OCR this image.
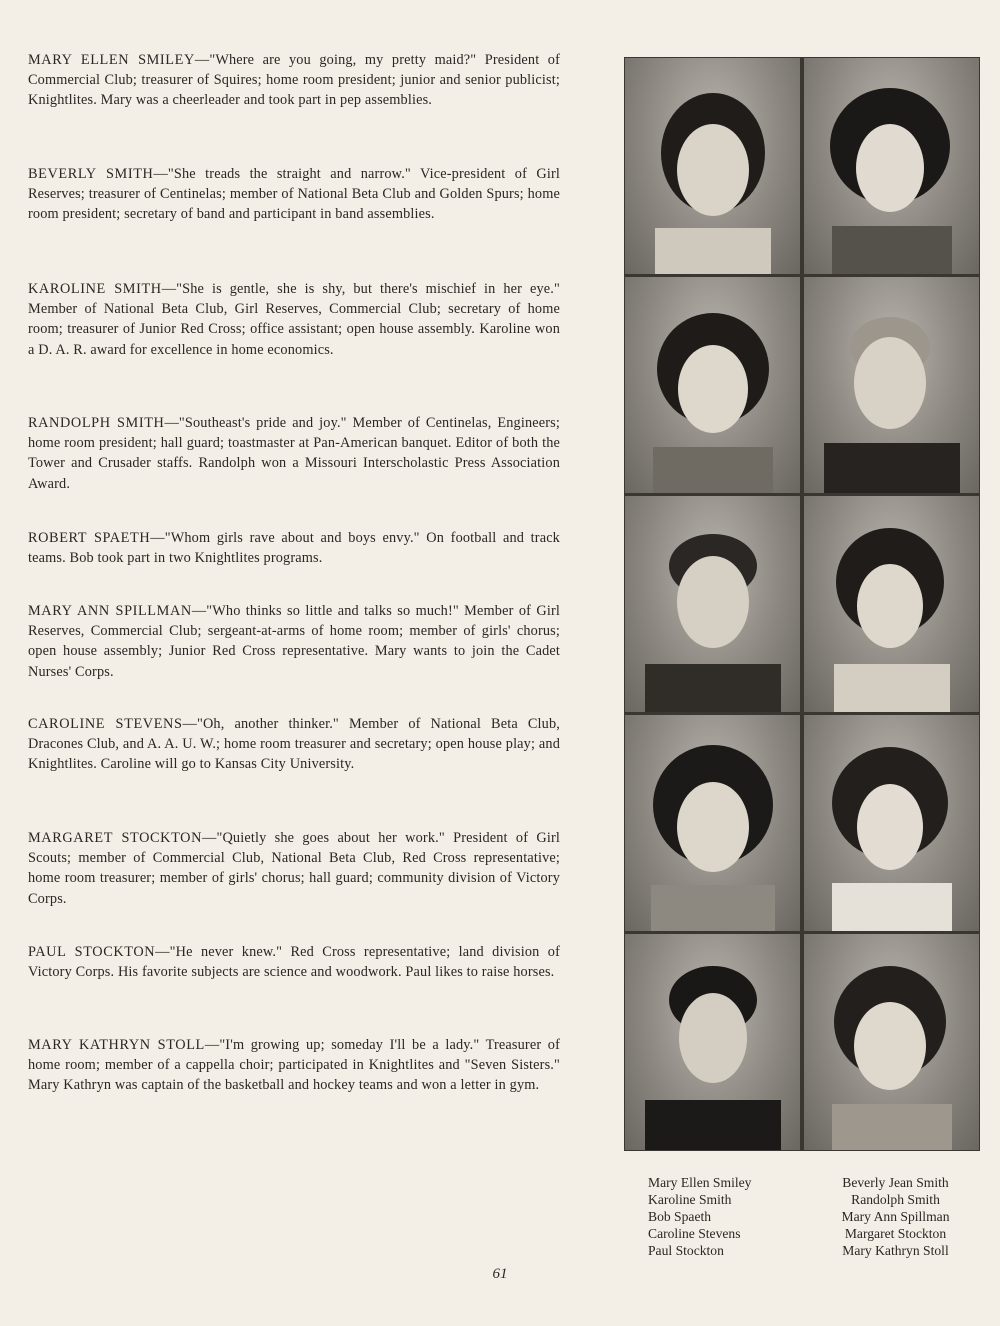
MARY ELLEN SMILEY—"Where are you going, my pretty maid?" President of Commercial Club; treasurer of Squires; home room president; junior and senior publicist; Knightlites. Mary was a cheerleader and took part in pep assemblies.

BEVERLY SMITH—"She treads the straight and narrow." Vice-president of Girl Reserves; treasurer of Centinelas; member of National Beta Club and Golden Spurs; home room president; secretary of band and participant in band assemblies.

KAROLINE SMITH—"She is gentle, she is shy, but there's mischief in her eye." Member of National Beta Club, Girl Reserves, Commercial Club; secretary of home room; treasurer of Junior Red Cross; office assistant; open house assembly. Karoline won a D. A. R. award for excellence in home economics.

RANDOLPH SMITH—"Southeast's pride and joy." Member of Centinelas, Engineers; home room president; hall guard; toastmaster at Pan-American banquet. Editor of both the Tower and Crusader staffs. Randolph won a Missouri Interscholastic Press Association Award.

ROBERT SPAETH—"Whom girls rave about and boys envy." On football and track teams. Bob took part in two Knightlites programs.

MARY ANN SPILLMAN—"Who thinks so little and talks so much!" Member of Girl Reserves, Commercial Club; sergeant-at-arms of home room; member of girls' chorus; open house assembly; Junior Red Cross representative. Mary wants to join the Cadet Nurses' Corps.

CAROLINE STEVENS—"Oh, another thinker." Member of National Beta Club, Dracones Club, and A. A. U. W.; home room treasurer and secretary; open house play; and Knightlites. Caroline will go to Kansas City University.

MARGARET STOCKTON—"Quietly she goes about her work." President of Girl Scouts; member of Commercial Club, National Beta Club, Red Cross representative; home room treasurer; member of girls' chorus; hall guard; community division of Victory Corps.

PAUL STOCKTON—"He never knew." Red Cross representative; land division of Victory Corps. His favorite subjects are science and woodwork. Paul likes to raise horses.

MARY KATHRYN STOLL—"I'm growing up; someday I'll be a lady." Treasurer of home room; member of a cappella choir; participated in Knightlites and "Seven Sisters." Mary Kathryn was captain of the basketball and hockey teams and won a letter in gym.

Mary Ellen Smiley
Karoline Smith
Bob Spaeth
Caroline Stevens
Paul Stockton
Beverly Jean Smith
Randolph Smith
Mary Ann Spillman
Margaret Stockton
Mary Kathryn Stoll
61
